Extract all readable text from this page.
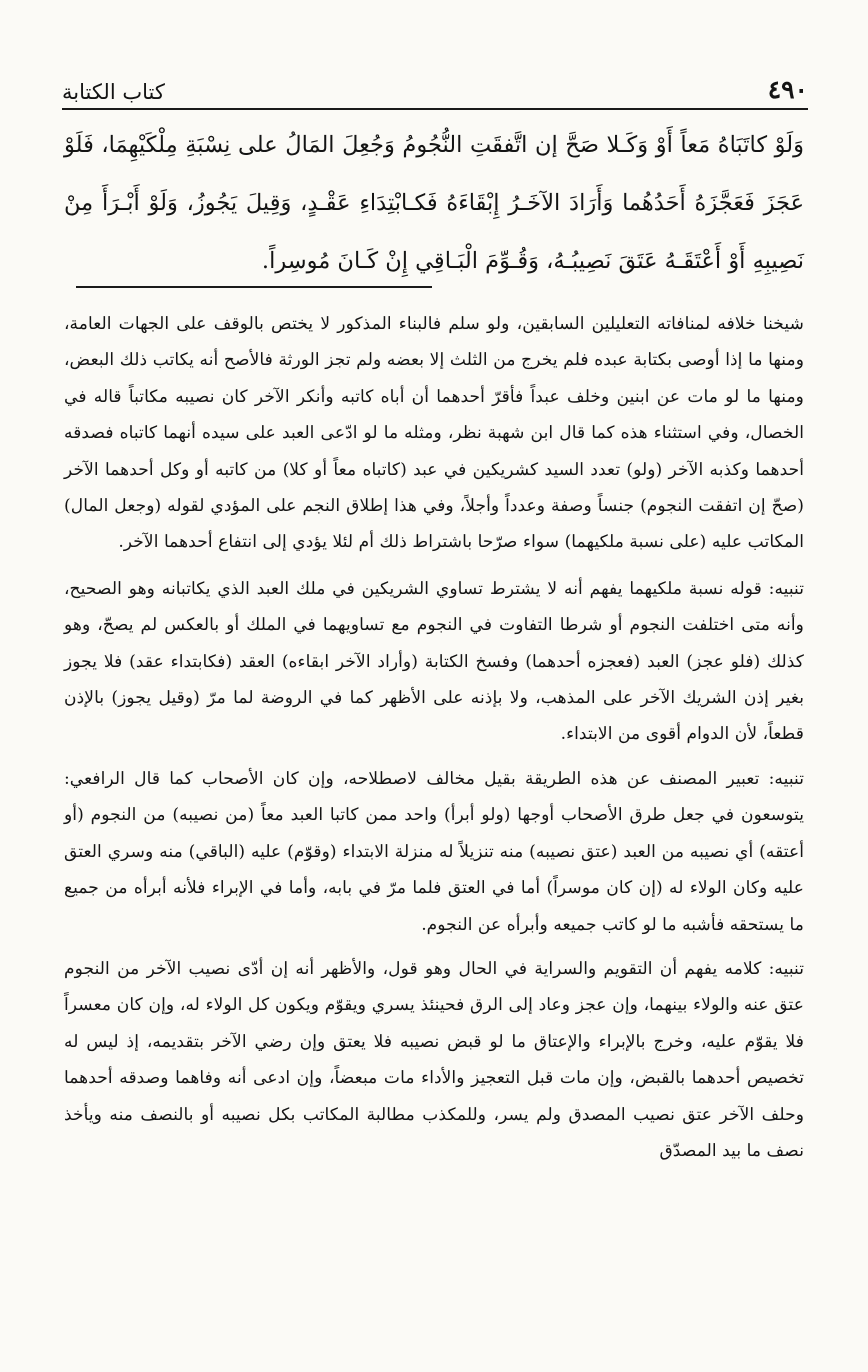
٤٩٠
كتاب الكتابة
وَلَوْ كاتَبَاهُ مَعاً أَوْ وَكَـلا صَحَّ إن اتَّفقَتِ النُّجُومُ وَجُعِلَ المَالُ على نِسْبَةِ مِلْكَيْهِمَا، فَلَوْ عَجَزَ فَعَجَّزَهُ أَحَدُهُما وَأَرَادَ الآخَـرُ إِبْقَاءَهُ فَكـابْتِدَاءِ عَقْـدٍ، وَقِيلَ يَجُوزُ، وَلَوْ أَبْـرَأَ مِنْ نَصِيبِهِ أَوْ أَعْتَقَـهُ عَتَقَ نَصِيبُـهُ، وَقُـوِّمَ الْبَـاقِي إِنْ كَـانَ مُوسِراً.

شيخنا خلافه لمنافاته التعليلين السابقين، ولو سلم فالبناء المذكور لا يختص بالوقف على الجهات العامة، ومنها ما إذا أوصى بكتابة عبده فلم يخرج من الثلث إلا بعضه ولم تجز الورثة فالأصح أنه يكاتب ذلك البعض، ومنها ما لو مات عن ابنين وخلف عبداً فأقرّ أحدهما أن أباه كاتبه وأنكر الآخر كان نصيبه مكاتباً قاله في الخصال، وفي استثناء هذه كما قال ابن شهبة نظر، ومثله ما لو ادّعى العبد على سيده أنهما كاتباه فصدقه أحدهما وكذبه الآخر (ولو) تعدد السيد كشريكين في عبد (كاتباه معاً أو كلا) من كاتبه أو وكل أحدهما الآخر (صحّ إن اتفقت النجوم) جنساً وصفة وعدداً وأجلاً، وفي هذا إطلاق النجم على المؤدي لقوله (وجعل المال) المكاتب عليه (على نسبة ملكيهما) سواء صرّحا باشتراط ذلك أم لئلا يؤدي إلى انتفاع أحدهما الآخر.

تنبيه: قوله نسبة ملكيهما يفهم أنه لا يشترط تساوي الشريكين في ملك العبد الذي يكاتبانه وهو الصحيح، وأنه متى اختلفت النجوم أو شرطا التفاوت في النجوم مع تساويهما في الملك أو بالعكس لم يصحّ، وهو كذلك (فلو عجز) العبد (فعجزه أحدهما) وفسخ الكتابة (وأراد الآخر ابقاءه) العقد (فكابتداء عقد) فلا يجوز بغير إذن الشريك الآخر على المذهب، ولا بإذنه على الأظهر كما في الروضة لما مرّ (وقيل يجوز) بالإذن قطعاً، لأن الدوام أقوى من الابتداء.

تنبيه: تعبير المصنف عن هذه الطريقة بقيل مخالف لاصطلاحه، وإن كان الأصحاب كما قال الرافعي: يتوسعون في جعل طرق الأصحاب أوجها (ولو أبرأ) واحد ممن كاتبا العبد معاً (من نصيبه) من النجوم (أو أعتقه) أي نصيبه من العبد (عتق نصيبه) منه تنزيلاً له منزلة الابتداء (وقوّم) عليه (الباقي) منه وسري العتق عليه وكان الولاء له (إن كان موسراً) أما في العتق فلما مرّ في بابه، وأما في الإبراء فلأنه أبرأه من جميع ما يستحقه فأشبه ما لو كاتب جميعه وأبرأه عن النجوم.

تنبيه: كلامه يفهم أن التقويم والسراية في الحال وهو قول، والأظهر أنه إن أدّى نصيب الآخر من النجوم عتق عنه والولاء بينهما، وإن عجز وعاد إلى الرق فحينئذ يسري ويقوّم ويكون كل الولاء له، وإن كان معسراً فلا يقوّم عليه، وخرج بالإبراء والإعتاق ما لو قبض نصيبه فلا يعتق وإن رضي الآخر بتقديمه، إذ ليس له تخصيص أحدهما بالقبض، وإن مات قبل التعجيز والأداء مات مبعضاً، وإن ادعى أنه وفاهما وصدقه أحدهما وحلف الآخر عتق نصيب المصدق ولم يسر، وللمكذب مطالبة المكاتب بكل نصيبه أو بالنصف منه ويأخذ نصف ما بيد المصدّق
